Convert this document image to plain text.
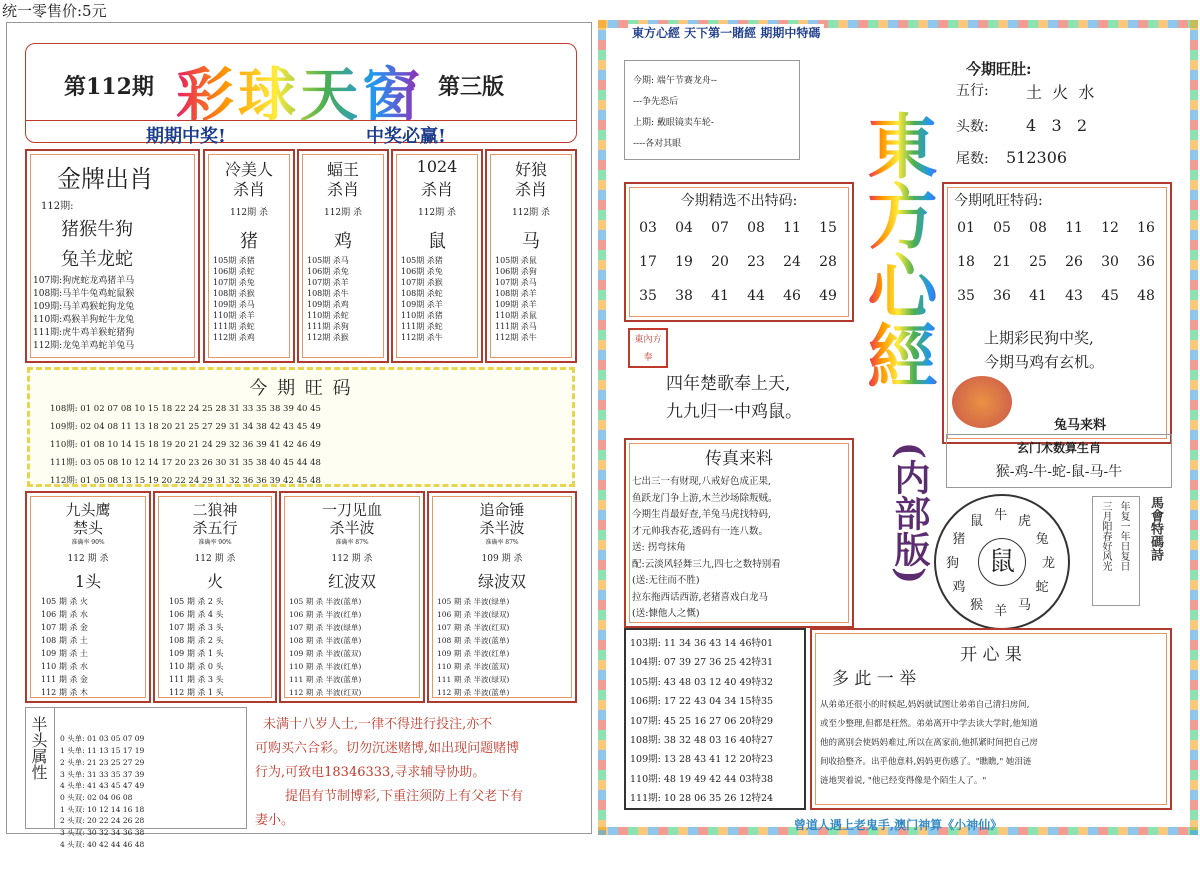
统一零售价:5元
第112期 彩球天窗 第三版
期期中奖!	中奖必赢!
金牌出肖
112期:
猪猴牛狗
兔羊龙蛇
107期:狗虎蛇龙鸡猪羊马
108期:马羊牛兔鸡蛇鼠猴
109期:马羊鸡猴蛇狗龙兔
110期:鸡猴羊狗蛇牛龙兔
111期:虎牛鸡羊猴蛇猪狗
112期:龙兔羊鸡蛇羊兔马
冷美人
杀肖
112期 杀
猪
105期 杀猪
106期 杀蛇
107期 杀兔
108期 杀猴
109期 杀马
110期 杀羊
111期 杀蛇
112期 杀鸡
蝠王
杀肖
112期 杀
鸡
105期 杀马
106期 杀兔
107期 杀羊
108期 杀牛
109期 杀鸡
110期 杀蛇
111期 杀狗
112期 杀猴
1024
杀肖
112期 杀
鼠
105期 杀猪
106期 杀兔
107期 杀猴
108期 杀蛇
109期 杀羊
110期 杀猪
111期 杀蛇
112期 杀牛
好狼
杀肖
112期 杀
马
105期 杀鼠
106期 杀狗
107期 杀马
108期 杀羊
109期 杀羊
110期 杀鼠
111期 杀马
112期 杀牛
今 期 旺 码
108期: 01 02 07 08 10 15 18 22 24 25 28 31 33 35 38 39 40 45
109期: 02 04 08 11 13 18 20 21 25 27 29 31 34 38 42 43 45 49
110期: 01 08 10 14 15 18 19 20 21 24 29 32 36 39 41 42 46 49
111期: 03 05 08 10 12 14 17 20 23 26 30 31 35 38 40 45 44 48
112期: 01 05 08 13 15 19 20 22 24 29 31 32 36 36 39 42 45 48
九头鹰
禁头
准确率 90%
112 期 杀
1头
105 期 杀 火
106 期 杀 水
107 期 杀 金
108 期 杀 土
109 期 杀 土
110 期 杀 水
111 期 杀 金
112 期 杀 木
二狼神
杀五行
准确率 90%
112 期 杀
火
105 期 杀 2 头
106 期 杀 4 头
107 期 杀 3 头
108 期 杀 2 头
109 期 杀 1 头
110 期 杀 0 头
111 期 杀 3 头
112 期 杀 1 头
一刀见血
杀半波
准确率 87%
112 期 杀
红波双
105 期 杀 半波(蓝单)
106 期 杀 半波(红单)
107 期 杀 半波(绿单)
108 期 杀 半波(蓝单)
109 期 杀 半波(蓝双)
110 期 杀 半波(红单)
111 期 杀 半波(蓝单)
112 期 杀 半波(红双)
追命锤
杀半波
准确率 87%
109 期 杀
绿波双
105 期 杀 半波(绿单)
106 期 杀 半波(绿双)
107 期 杀 半波(红双)
108 期 杀 半波(蓝单)
109 期 杀 半波(红单)
110 期 杀 半波(蓝双)
111 期 杀 半波(绿双)
112 期 杀 半波(蓝单)
半头属性

	0 头单: 01 03 05 07 09
1 头单: 11 13 15 17 19
2 头单: 21 23 25 27 29
3 头单: 31 33 35 37 39
4 头单: 41 43 45 47 49
0 头双: 02 04 06 08
1 头双: 10 12 14 16 18
2 头双: 20 22 24 26 28
3 头双: 30 32 34 36 38
4 头双: 40 42 44 46 48

未满十八岁人士,一律不得进行投注,亦不
可购买六合彩。切勿沉迷赌博,如出现问题赌博
行为,可致电18346333,寻求辅导协助。
提倡有节制博彩,下重注须防上有父老下有
妻小。
東方心經 天下第一賭經 期期中特碼
今期: 端午节赛龙舟--
---争先恐后
上期: 戴眼镜卖车轮-
----各对其眼	東方心經
(内部版)
今期旺肚:
五行: 土  火  水
头数: 4   3   2
尾数: 512306
今期精选不出特码:
03	04	07	08	11	15
17	19	20	23	24	28
35	38	41	44	46	49
今期吼旺特码:
01	05	08	11	12	16
18	21	25	26	30	36
35	36	41	43	45	48
上期彩民狗中奖,
今期马鸡有玄机。
兔马来料
東內方奉
四年楚歌奉上天,
九九归一中鸡鼠。
玄门术数算生肖
猴-鸡-牛-蛇-鼠-马-牛
传真来料
七出三一有财现,八戒好色成正果,
鱼跃龙门争上游,木兰沙场除叛贼。
今期生肖最好查,羊兔马虎找特码,
才元帅我杏花,透码有一连八数。
送: 拐弯抹角
配:云淡风轻舞三九,四七之数特别看
(送:无往而不胜)
拉东拖西话西游,老猪喜戏白龙马
(送:慷他人之慨)
牛 虎
兔
龙
蛇
马
羊
猴
鸡
狗
猪
鼠
鼠	年复一年日复日
三月阳春好风光	馬會特碼詩
103期: 11 34 36 43 14 46特01
104期: 07 39 27 36 25 42特31
105期: 43 48 03 12 40 49特32
106期: 17 22 43 04 34 15特35
107期: 45 25 16 27 06 20特29
108期: 38 32 48 03 16 40特27
109期: 13 28 43 41 12 20特23
110期: 48 19 49 42 44 03特38
111期: 10 28 06 35 26 12特24
开 心 果
多 此 一 举
从弟弟还很小的时候起,妈妈就试图让弟弟自己清扫房间,
或至少整理,但都是枉然。弟弟离开中学去读大学时,他知道
他的离别会使妈妈难过,所以在离家前,他抓紧时间把自己房
间收拾整齐。出乎他意料,妈妈更伤感了。"瞧瞧," 她泪涟
涟地哭着说, "他已经变得像是个陌生人了。"
曾道人遇上老鬼手,澳门神算《小神仙》
